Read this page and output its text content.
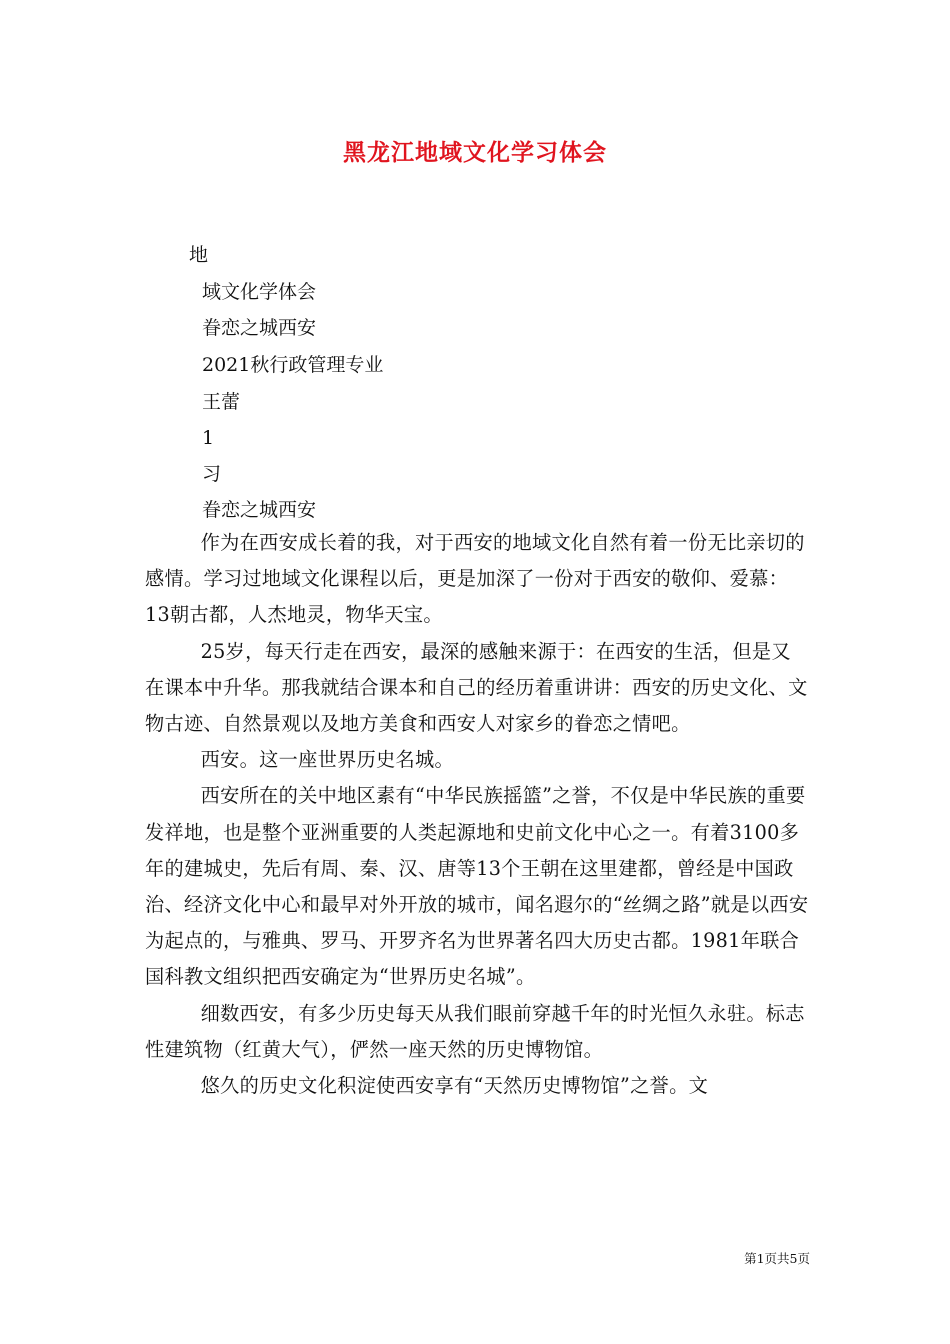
黑龙江地域文化学习体会
地
域文化学体会
眷恋之城西安
2021秋行政管理专业
王蕾
1
习
眷恋之城西安

作为在西安成长着的我，对于西安的地域文化自然有着一份无比亲切的感情。学习过地域文化课程以后，更是加深了一份对于西安的敬仰、爱慕：13朝古都，人杰地灵，物华天宝。

25岁，每天行走在西安，最深的感触来源于：在西安的生活，但是又在课本中升华。那我就结合课本和自己的经历着重讲讲：西安的历史文化、文物古迹、自然景观以及地方美食和西安人对家乡的眷恋之情吧。

西安。这一座世界历史名城。

西安所在的关中地区素有“中华民族摇篮”之誉，不仅是中华民族的重要发祥地，也是整个亚洲重要的人类起源地和史前文化中心之一。有着3100多年的建城史，先后有周、秦、汉、唐等13个王朝在这里建都，曾经是中国政治、经济文化中心和最早对外开放的城市，闻名遐尔的“丝绸之路”就是以西安为起点的，与雅典、罗马、开罗齐名为世界著名四大历史古都。1981年联合国科教文组织把西安确定为“世界历史名城”。

细数西安，有多少历史每天从我们眼前穿越千年的时光恒久永驻。标志性建筑物（红黄大气），俨然一座天然的历史博物馆。

悠久的历史文化积淀使西安享有“天然历史博物馆”之誉。文

第1页共5页
